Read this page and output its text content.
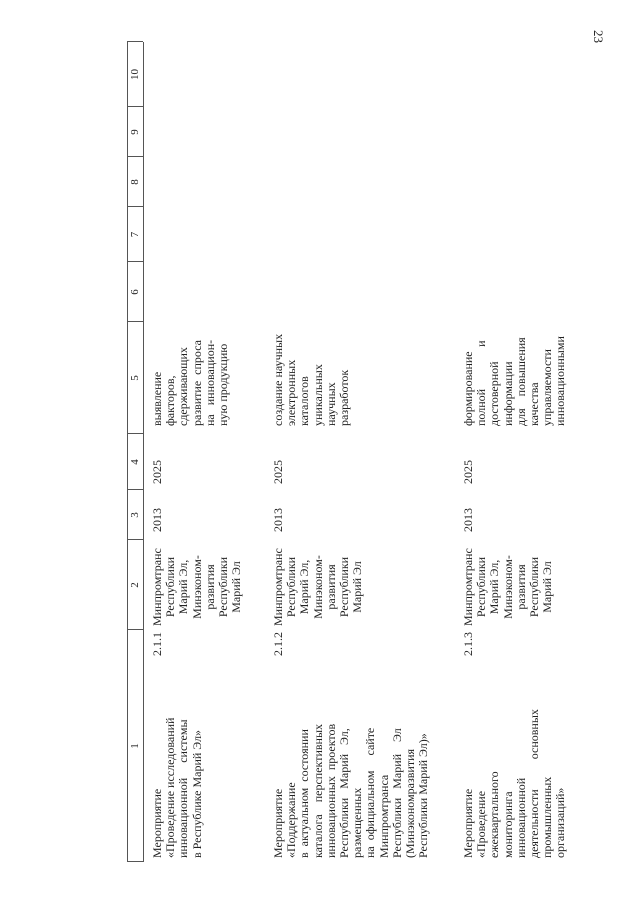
23
1
2
3
4
5
6
7
8
9
10
Мероприятие
2.1.1
«Проведение исследований инновационной     системы в Республике Марий Эл»
Минпромтранс Республики Марий Эл, Минэконом- развития Республики Марий Эл
2013
2025
выявление факторов, сдерживающих развитие  спроса на   инновацион- ную продукцию
Мероприятие
2.1.2
«Поддержание в  актуальном  состоянии каталога    перспективных инновационных  проектов Республики   Марий   Эл, размещенных на  официальном     сайте Минпромтранса Республики   Марий    Эл (Минэкономразвития Республики Марий Эл)»
Минпромтранс Республики Марий Эл, Минэконом- развития Республики Марий Эл
2013
2025
создание научных электронных каталогов уникальных научных разработок
Мероприятие
2.1.3
«Проведение ежеквартального мониторинга инновационной деятельности          основных промышленных организаций»
Минпромтранс Республики Марий Эл, Минэконом- развития Республики Марий Эл
2013
2025
формирование полной              и достоверной информации для    повышения качества управляемости инновационными
